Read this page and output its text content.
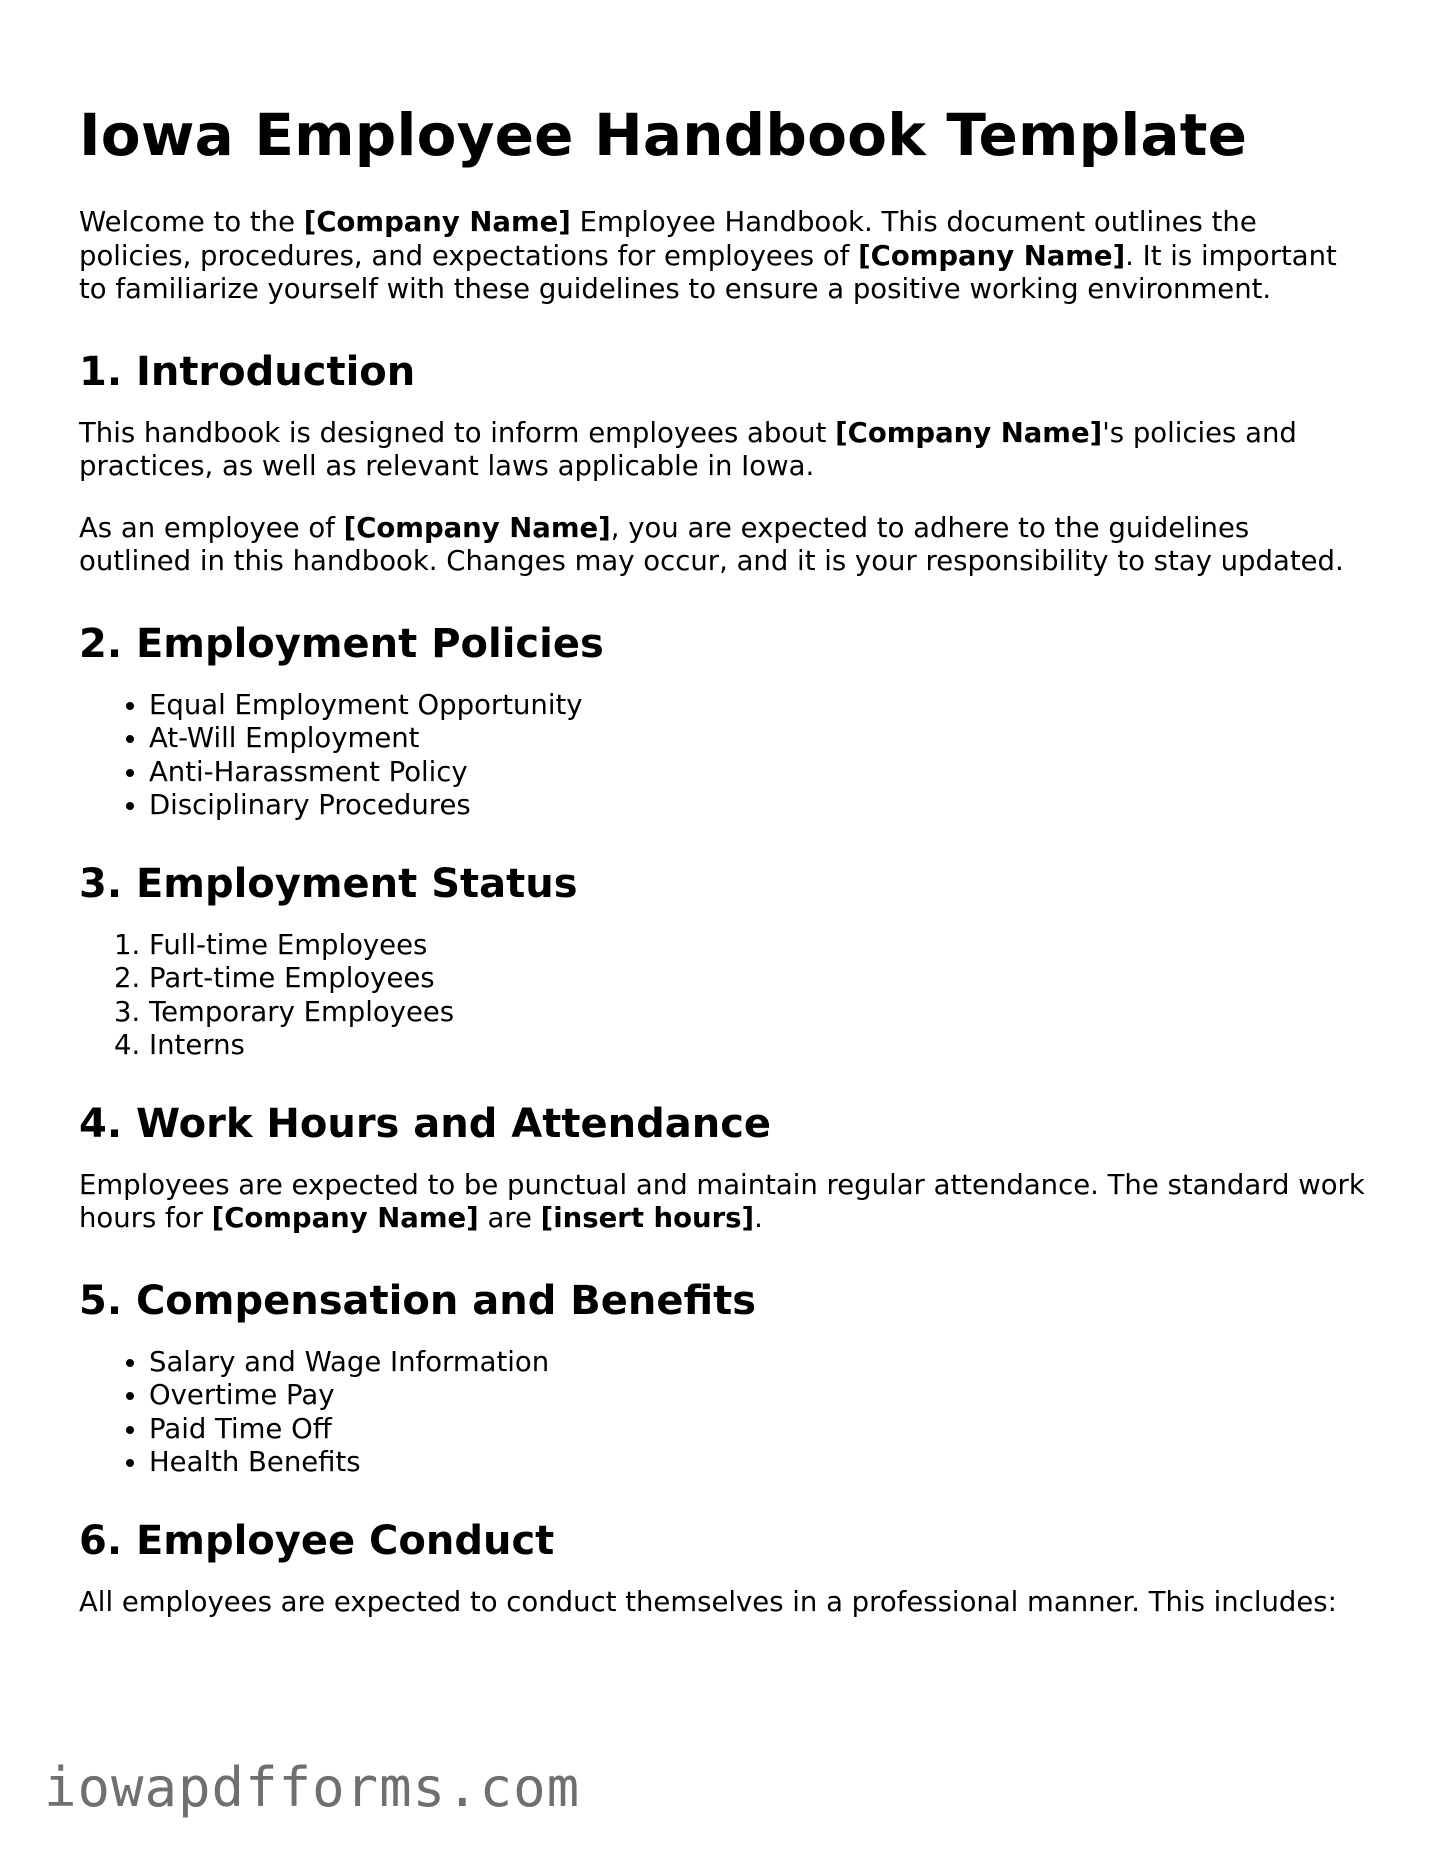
Iowa Employee Handbook Template

Welcome to the [Company Name] Employee Handbook. This document outlines the policies, procedures, and expectations for employees of [Company Name]. It is important to familiarize yourself with these guidelines to ensure a positive working environment.

1. Introduction

This handbook is designed to inform employees about [Company Name]'s policies and practices, as well as relevant laws applicable in Iowa.

As an employee of [Company Name], you are expected to adhere to the guidelines outlined in this handbook. Changes may occur, and it is your responsibility to stay updated.

2. Employment Policies
• Equal Employment Opportunity
• At-Will Employment
• Anti-Harassment Policy
• Disciplinary Procedures
3. Employment Status
1. Full-time Employees
2. Part-time Employees
3. Temporary Employees
4. Interns
4. Work Hours and Attendance

Employees are expected to be punctual and maintain regular attendance. The standard work hours for [Company Name] are [insert hours].

5. Compensation and Benefits
• Salary and Wage Information
• Overtime Pay
• Paid Time Off
• Health Benefits
6. Employee Conduct

All employees are expected to conduct themselves in a professional manner. This includes:

iowapdfforms.com
